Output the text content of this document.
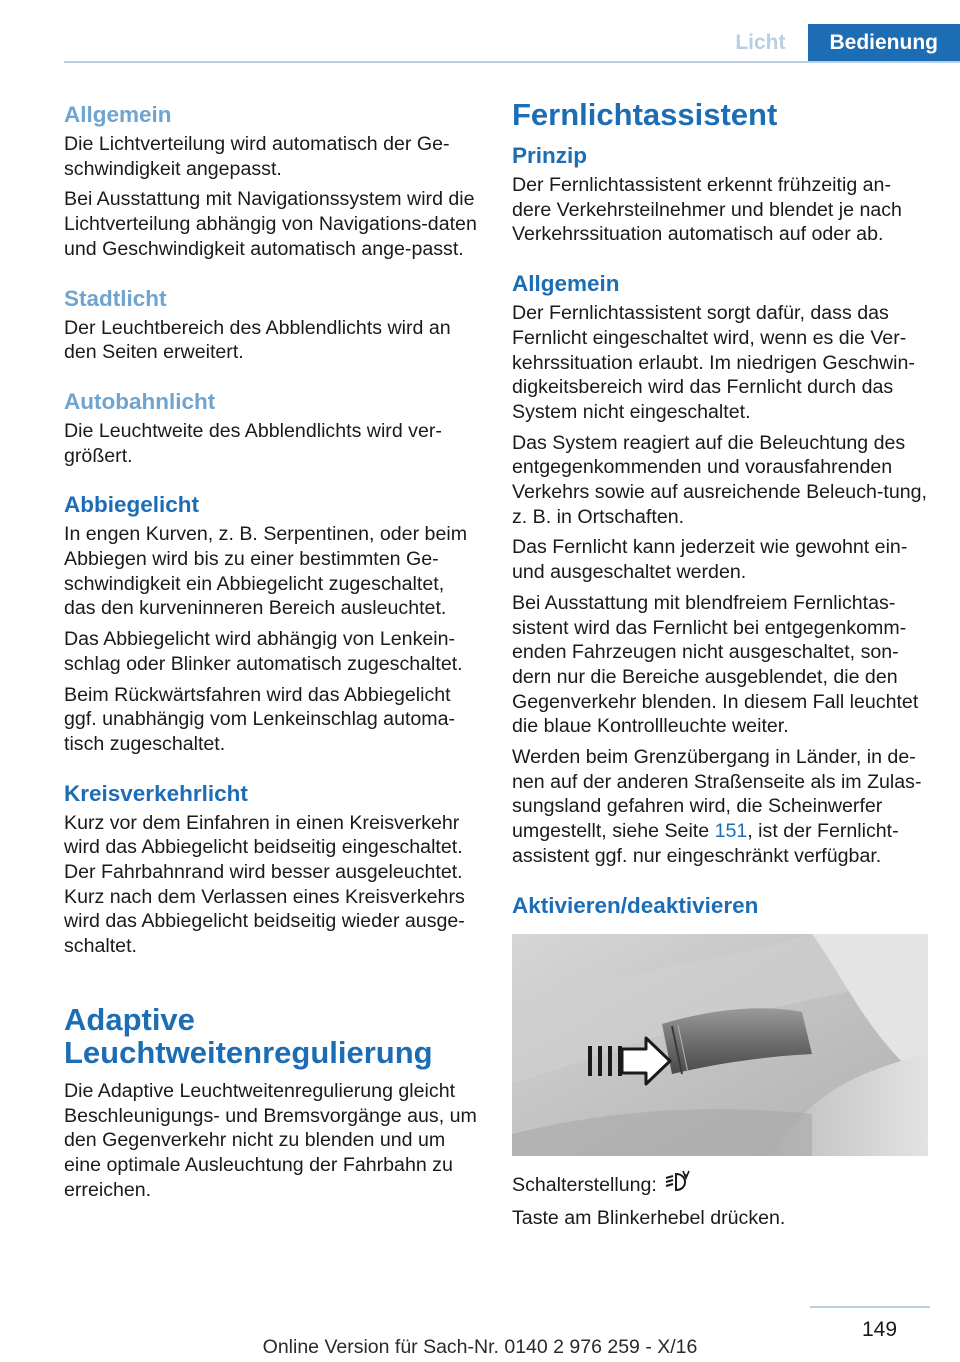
Licht	Bedienung
Allgemein

Die Lichtverteilung wird automatisch der Ge‐schwindigkeit angepasst.

Bei Ausstattung mit Navigationssystem wird die Lichtverteilung abhängig von Navigations‐daten und Geschwindigkeit automatisch ange‐passt.

Stadtlicht

Der Leuchtbereich des Abblendlichts wird an den Seiten erweitert.

Autobahnlicht

Die Leuchtweite des Abblendlichts wird ver‐größert.

Abbiegelicht

In engen Kurven, z. B. Serpentinen, oder beim Abbiegen wird bis zu einer bestimmten Ge‐schwindigkeit ein Abbiegelicht zugeschaltet, das den kurveninneren Bereich ausleuchtet.

Das Abbiegelicht wird abhängig von Lenkein‐schlag oder Blinker automatisch zugeschaltet.

Beim Rückwärtsfahren wird das Abbiegelicht ggf. unabhängig vom Lenkeinschlag automa‐tisch zugeschaltet.

Kreisverkehrlicht

Kurz vor dem Einfahren in einen Kreisverkehr wird das Abbiegelicht beidseitig eingeschaltet. Der Fahrbahnrand wird besser ausgeleuchtet. Kurz nach dem Verlassen eines Kreisverkehrs wird das Abbiegelicht beidseitig wieder ausge‐schaltet.

Adaptive Leuchtweitenregulierung

Die Adaptive Leuchtweitenregulierung gleicht Beschleunigungs- und Bremsvorgänge aus, um den Gegenverkehr nicht zu blenden und um eine optimale Ausleuchtung der Fahrbahn zu erreichen.

Fernlichtassistent
Prinzip

Der Fernlichtassistent erkennt frühzeitig an‐dere Verkehrsteilnehmer und blendet je nach Verkehrssituation automatisch auf oder ab.

Allgemein

Der Fernlichtassistent sorgt dafür, dass das Fernlicht eingeschaltet wird, wenn es die Ver‐kehrssituation erlaubt. Im niedrigen Geschwin‐digkeitsbereich wird das Fernlicht durch das System nicht eingeschaltet.

Das System reagiert auf die Beleuchtung des entgegenkommenden und vorausfahrenden Verkehrs sowie auf ausreichende Beleuch‐tung, z. B. in Ortschaften.

Das Fernlicht kann jederzeit wie gewohnt ein- und ausgeschaltet werden.

Bei Ausstattung mit blendfreiem Fernlichtas‐sistent wird das Fernlicht bei entgegenkomm‐enden Fahrzeugen nicht ausgeschaltet, son‐dern nur die Bereiche ausgeblendet, die den Gegenverkehr blenden. In diesem Fall leuchtet die blaue Kontrollleuchte weiter.

Werden beim Grenzübergang in Länder, in de‐nen auf der anderen Straßenseite als im Zulas‐sungsland gefahren wird, die Scheinwerfer umgestellt, siehe Seite 151, ist der Fernlicht‐assistent ggf. nur eingeschränkt verfügbar.

Aktivieren/deaktivieren

Schalterstellung:

Taste am Blinkerhebel drücken.

149
Online Version für Sach-Nr. 0140 2 976 259 - X/16
